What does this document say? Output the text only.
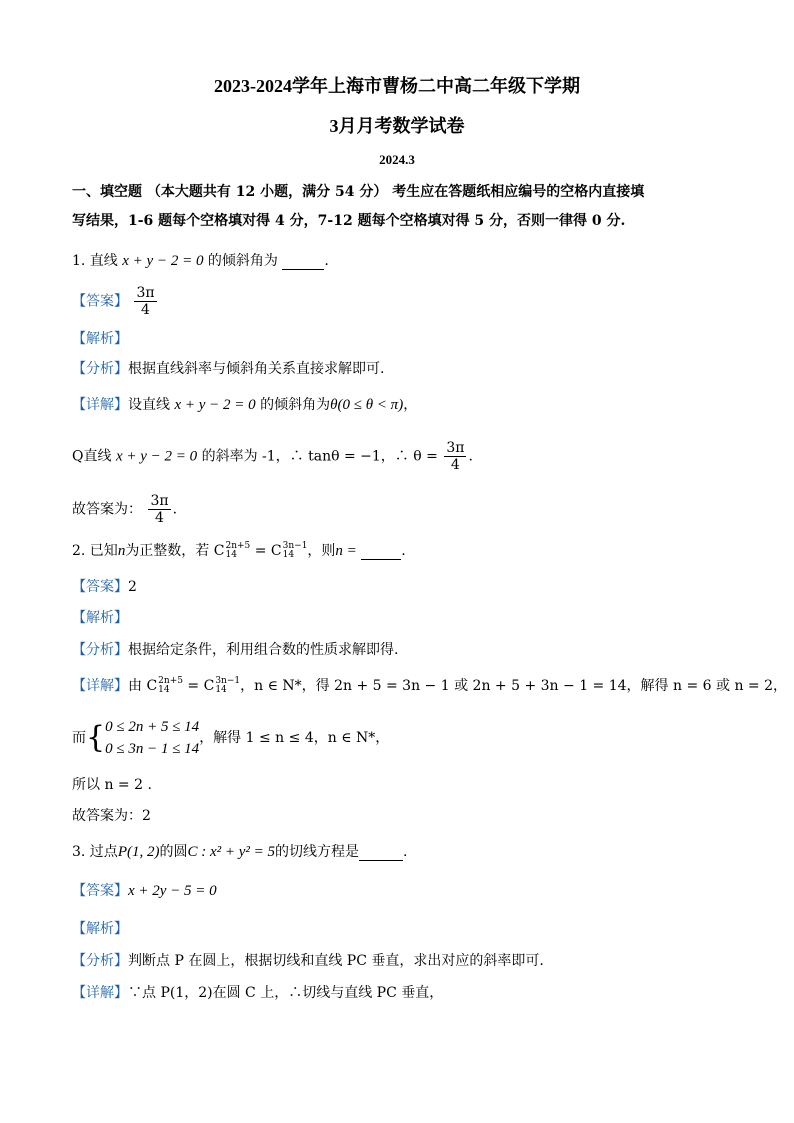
2023-2024学年上海市曹杨二中高二年级下学期
3月月考数学试卷
2024.3
一、填空题 （本大题共有 12 小题，满分 54 分） 考生应在答题纸相应编号的空格内直接填
写结果，1-6 题每个空格填对得 4 分，7-12 题每个空格填对得 5 分，否则一律得 0 分.
1. 直线 x + y − 2 = 0 的倾斜角为	.
【答案】 $\frac{3\pi}{4}$
【解析】
【分析】根据直线斜率与倾斜角关系直接求解即可.
【详解】设直线 x + y − 2 = 0 的倾斜角为θ(0 ≤ θ < π)，
Q直线 x + y − 2 = 0 的斜率为 -1，∴ tanθ = −1，∴ $\theta = \frac{3\pi}{4}$ .
故答案为： $\frac{3\pi}{4}$ .
2. 已知n为正整数，若 C 2n+5
14 = C 3n−1
14 ，则n =	.
【答案】2
【解析】
【分析】根据给定条件，利用组合数的性质求解即得.
【详解】由 C 2n+5
14 = C 3n−1
14 ，n ∈ N*，得 2n + 5 = 3n − 1 或 2n + 5 + 3n − 1 = 14，解得 n = 6 或 n = 2，
而{ 0 ≤ 2n + 5 ≤ 14
0 ≤ 3n − 1 ≤ 14
，解得 1 ≤ n ≤ 4，n ∈ N*，
所以 n = 2 .
故答案为：2
3. 过点P(1, 2)的圆C : x² + y² = 5的切线方程是	.
【答案】x + 2y − 5 = 0
【解析】
【分析】判断点 P 在圆上，根据切线和直线 PC 垂直，求出对应的斜率即可.
【详解】∵点 P(1，2)在圆 C 上，∴切线与直线 PC 垂直，
